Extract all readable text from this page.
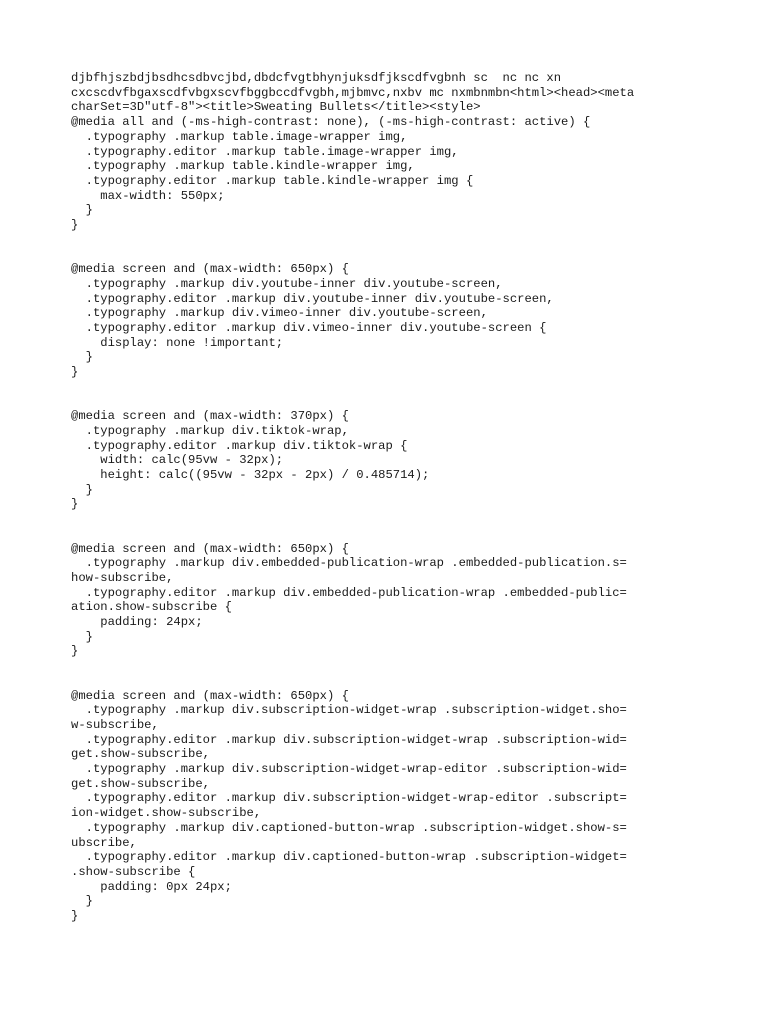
djbfhjszbdjbsdhcsdbvcjbd,dbdcfvgtbhynjuksdfjkscdfvgbnh sc  nc nc xn
cxcscdvfbgaxscdfvbgxscvfbggbccdfvgbh,mjbmvc,nxbv mc nxmbnmbn<html><head><meta
charSet=3D"utf-8"><title>Sweating Bullets</title><style>
@media all and (-ms-high-contrast: none), (-ms-high-contrast: active) {
.typography .markup table.image-wrapper img,
.typography.editor .markup table.image-wrapper img,
.typography .markup table.kindle-wrapper img,
.typography.editor .markup table.kindle-wrapper img {
max-width: 550px;
}
}

@media screen and (max-width: 650px) {
.typography .markup div.youtube-inner div.youtube-screen,
.typography.editor .markup div.youtube-inner div.youtube-screen,
.typography .markup div.vimeo-inner div.youtube-screen,
.typography.editor .markup div.vimeo-inner div.youtube-screen {
display: none !important;
}
}

@media screen and (max-width: 370px) {
.typography .markup div.tiktok-wrap,
.typography.editor .markup div.tiktok-wrap {
width: calc(95vw - 32px);
height: calc((95vw - 32px - 2px) / 0.485714);
}
}

@media screen and (max-width: 650px) {
.typography .markup div.embedded-publication-wrap .embedded-publication.s=
how-subscribe,
.typography.editor .markup div.embedded-publication-wrap .embedded-public=
ation.show-subscribe {
padding: 24px;
}
}

@media screen and (max-width: 650px) {
.typography .markup div.subscription-widget-wrap .subscription-widget.sho=
w-subscribe,
.typography.editor .markup div.subscription-widget-wrap .subscription-wid=
get.show-subscribe,
.typography .markup div.subscription-widget-wrap-editor .subscription-wid=
get.show-subscribe,
.typography.editor .markup div.subscription-widget-wrap-editor .subscript=
ion-widget.show-subscribe,
.typography .markup div.captioned-button-wrap .subscription-widget.show-s=
ubscribe,
.typography.editor .markup div.captioned-button-wrap .subscription-widget=
.show-subscribe {
padding: 0px 24px;
}
}
